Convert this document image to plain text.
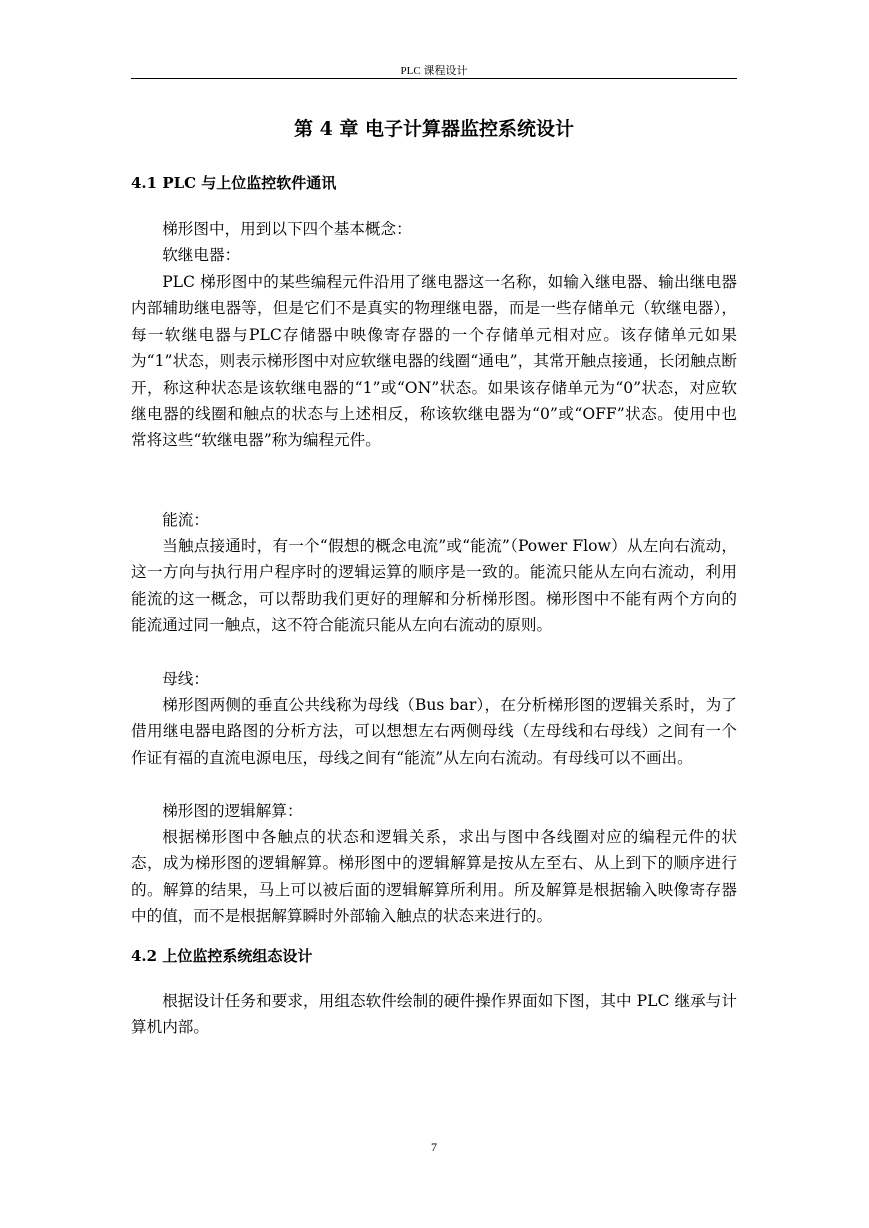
PLC 课程设计
第 4 章 电子计算器监控系统设计
4.1 PLC 与上位监控软件通讯

梯形图中，用到以下四个基本概念：

软继电器：

PLC 梯形图中的某些编程元件沿用了继电器这一名称，如输入继电器、输出继电器内部辅助继电器等，但是它们不是真实的物理继电器，而是一些存储单元（软继电器），每一软继电器与PLC存储器中映像寄存器的一个存储单元相对应。该存储单元如果为“1”状态，则表示梯形图中对应软继电器的线圈“通电”，其常开触点接通，长闭触点断开，称这种状态是该软继电器的“1”或“ON”状态。如果该存储单元为“0”状态，对应软继电器的线圈和触点的状态与上述相反，称该软继电器为“0”或“OFF”状态。使用中也常将这些“软继电器”称为编程元件。

能流：

当触点接通时，有一个“假想的概念电流”或“能流”（Power Flow）从左向右流动，这一方向与执行用户程序时的逻辑运算的顺序是一致的。能流只能从左向右流动，利用能流的这一概念，可以帮助我们更好的理解和分析梯形图。梯形图中不能有两个方向的能流通过同一触点，这不符合能流只能从左向右流动的原则。

母线：

梯形图两侧的垂直公共线称为母线（Bus bar），在分析梯形图的逻辑关系时，为了借用继电器电路图的分析方法，可以想想左右两侧母线（左母线和右母线）之间有一个作证有福的直流电源电压，母线之间有“能流”从左向右流动。有母线可以不画出。

梯形图的逻辑解算：

根据梯形图中各触点的状态和逻辑关系，求出与图中各线圈对应的编程元件的状态，成为梯形图的逻辑解算。梯形图中的逻辑解算是按从左至右、从上到下的顺序进行的。解算的结果，马上可以被后面的逻辑解算所利用。所及解算是根据输入映像寄存器中的值，而不是根据解算瞬时外部输入触点的状态来进行的。

4.2 上位监控系统组态设计

根据设计任务和要求，用组态软件绘制的硬件操作界面如下图，其中 PLC 继承与计算机内部。

7
